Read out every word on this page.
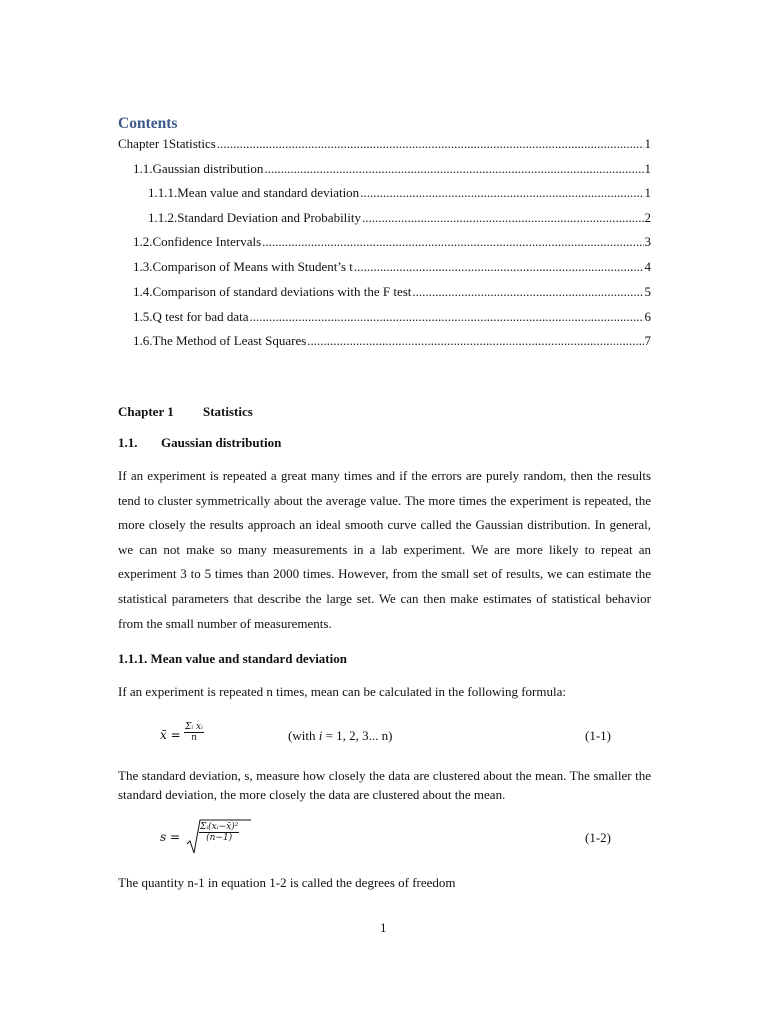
Contents
Chapter 1 Statistics .....	1
1.1. Gaussian distribution .....	1
1.1.1. Mean value and standard deviation .....	1
1.1.2. Standard Deviation and Probability .....	2
1.2. Confidence Intervals .....	3
1.3. Comparison of Means with Student’s t .....	4
1.4. Comparison of standard deviations with the F test .....	5
1.5. Q test for bad data .....	6
1.6. The Method of Least Squares .....	7
Chapter 1 Statistics
1.1. Gaussian distribution
If an experiment is repeated a great many times and if the errors are purely random, then the results tend to cluster symmetrically about the average value. The more times the experiment is repeated, the more closely the results approach an ideal smooth curve called the Gaussian distribution. In general, we can not make so many measurements in a lab experiment. We are more likely to repeat an experiment 3 to 5 times than 2000 times. However, from the small set of results, we can estimate the statistical parameters that describe the large set. We can then make estimates of statistical behavior from the small number of measurements.
1.1.1. Mean value and standard deviation
If an experiment is repeated n times, mean can be calculated in the following formula:
x̄ =
Σᵢ xᵢ
n	(with i = 1, 2, 3... n)	(1-1)
The standard deviation, s, measure how closely the data are clustered about the mean. The smaller the standard deviation, the more closely the data are clustered about the mean.
s =
Σᵢ(xᵢ−x̄)²
(n−1)	(1-2)
The quantity n-1 in equation 1-2 is called the degrees of freedom
1
